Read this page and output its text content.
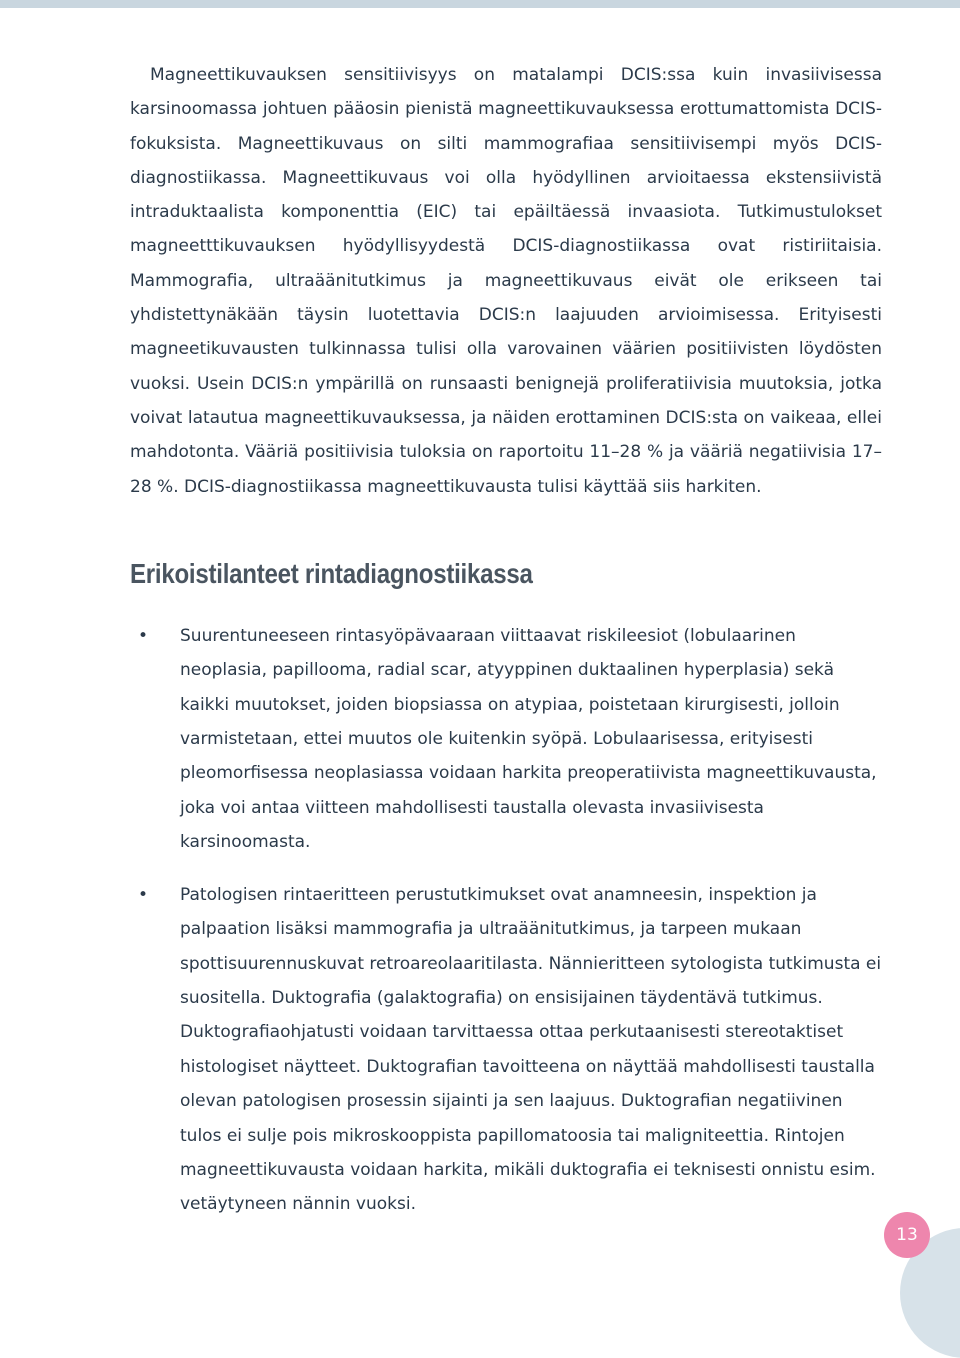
Magneettikuvauksen sensitiivisyys on matalampi DCIS:ssa kuin invasiivisessa karsinoomassa johtuen pääosin pienistä magneettikuvauksessa erottumattomista DCIS-fokuksista. Magneettikuvaus on silti mammografiaa sensitiivisempi myös DCIS-diagnostiikassa. Magneettikuvaus voi olla hyödyllinen arvioitaessa ekstensiivistä intraduktaalista komponenttia (EIC) tai epäiltäessä invaasiota. Tutkimustulokset magneetttikuvauksen hyödyllisyydestä DCIS-diagnostiikassa ovat ristiriitaisia. Mammografia, ultraäänitutkimus ja magneettikuvaus eivät ole erikseen tai yhdistettynäkään täysin luotettavia DCIS:n laajuuden arvioimisessa. Erityisesti magneetikuvausten tulkinnassa tulisi olla varovainen väärien positiivisten löydösten vuoksi. Usein DCIS:n ympärillä on runsaasti benignejä proliferatiivisia muutoksia, jotka voivat latautua magneettikuvauksessa, ja näiden erottaminen DCIS:sta on vaikeaa, ellei mahdotonta. Vääriä positiivisia tuloksia on raportoitu 11–28 % ja vääriä negatiivisia 17–28 %. DCIS-diagnostiikassa magneettikuvausta tulisi käyttää siis harkiten.

Erikoistilanteet rintadiagnostiikassa
• Suurentuneeseen rintasyöpävaaraan viittaavat riskileesiot (lobulaarinen neoplasia, papillooma, radial scar, atyyppinen duktaalinen hyperplasia) sekä kaikki muutokset, joiden biopsiassa on atypiaa, poistetaan kirurgisesti, jolloin varmistetaan, ettei muutos ole kuitenkin syöpä. Lobulaarisessa, erityisesti pleomorfisessa neoplasiassa voidaan harkita preoperatiivista magneettikuvausta, joka voi antaa viitteen mahdollisesti taustalla olevasta invasiivisesta karsinoomasta.
• Patologisen rintaeritteen perustutkimukset ovat anamneesin, inspektion ja palpaation lisäksi mammografia ja ultraäänitutkimus, ja tarpeen mukaan spottisuurennuskuvat retroareolaaritilasta. Nännieritteen sytologista tutkimusta ei suositella. Duktografia (galaktografia) on ensisijainen täydentävä tutkimus. Duktografiaohjatusti voidaan tarvittaessa ottaa perkutaanisesti stereotaktiset histologiset näytteet. Duktografian tavoitteena on näyttää mahdollisesti taustalla olevan patologisen prosessin sijainti ja sen laajuus. Duktografian negatiivinen tulos ei sulje pois mikroskooppista papillomatoosia tai maligniteettia. Rintojen magneettikuvausta voidaan harkita, mikäli duktografia ei teknisesti onnistu esim. vetäytyneen nännin vuoksi.
13
